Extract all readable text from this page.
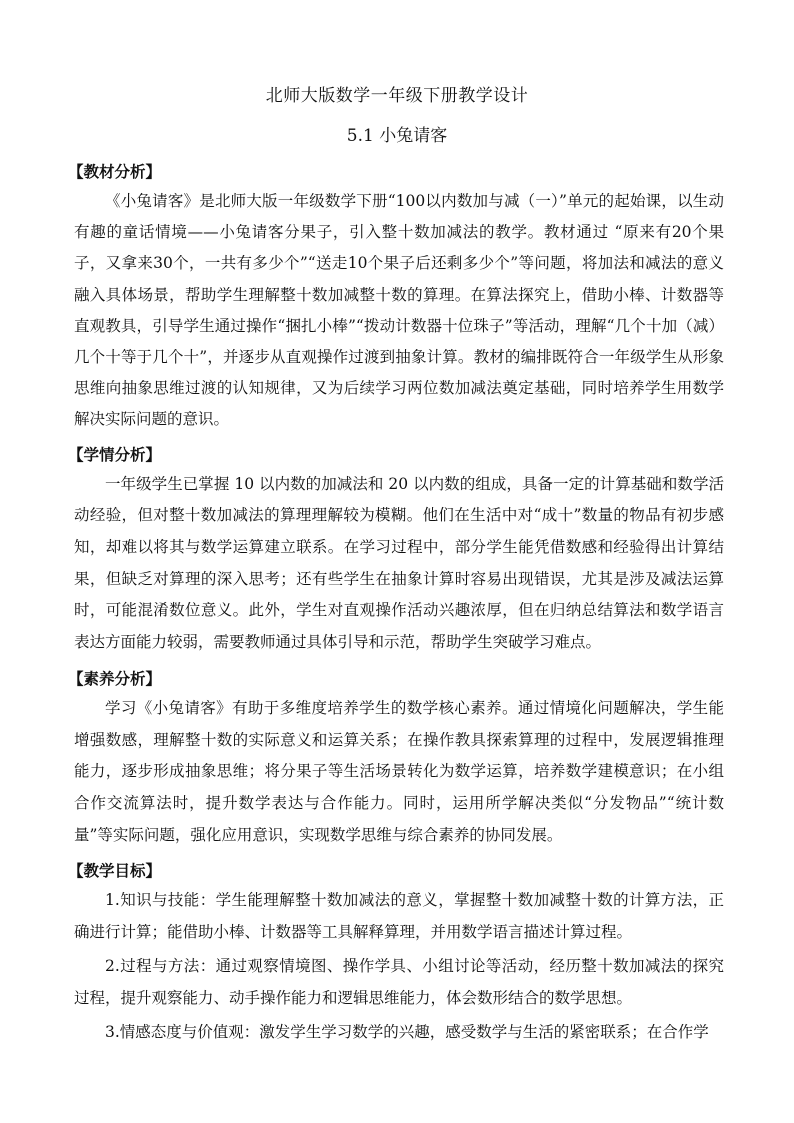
北师大版数学一年级下册教学设计
5.1 小兔请客
【教材分析】

《小兔请客》是北师大版一年级数学下册“100以内数加与减（一）”单元的起始课，以生动有趣的童话情境——小兔请客分果子，引入整十数加减法的教学。教材通过 “原来有20个果子，又拿来30个，一共有多少个”“送走10个果子后还剩多少个”等问题，将加法和减法的意义融入具体场景，帮助学生理解整十数加减整十数的算理。在算法探究上，借助小棒、计数器等直观教具，引导学生通过操作“捆扎小棒”“拨动计数器十位珠子”等活动，理解“几个十加（减）几个十等于几个十”，并逐步从直观操作过渡到抽象计算。教材的编排既符合一年级学生从形象思维向抽象思维过渡的认知规律，又为后续学习两位数加减法奠定基础，同时培养学生用数学解决实际问题的意识。

【学情分析】

一年级学生已掌握 10 以内数的加减法和 20 以内数的组成，具备一定的计算基础和数学活动经验，但对整十数加减法的算理理解较为模糊。他们在生活中对“成十”数量的物品有初步感知，却难以将其与数学运算建立联系。在学习过程中，部分学生能凭借数感和经验得出计算结果，但缺乏对算理的深入思考；还有些学生在抽象计算时容易出现错误，尤其是涉及减法运算时，可能混淆数位意义。此外，学生对直观操作活动兴趣浓厚，但在归纳总结算法和数学语言表达方面能力较弱，需要教师通过具体引导和示范，帮助学生突破学习难点。

【素养分析】

学习《小兔请客》有助于多维度培养学生的数学核心素养。通过情境化问题解决，学生能增强数感，理解整十数的实际意义和运算关系；在操作教具探索算理的过程中，发展逻辑推理能力，逐步形成抽象思维；将分果子等生活场景转化为数学运算，培养数学建模意识；在小组合作交流算法时，提升数学表达与合作能力。同时，运用所学解决类似“分发物品”“统计数量”等实际问题，强化应用意识，实现数学思维与综合素养的协同发展。

【教学目标】

1.知识与技能：学生能理解整十数加减法的意义，掌握整十数加减整十数的计算方法，正确进行计算；能借助小棒、计数器等工具解释算理，并用数学语言描述计算过程。

2.过程与方法：通过观察情境图、操作学具、小组讨论等活动，经历整十数加减法的探究过程，提升观察能力、动手操作能力和逻辑思维能力，体会数形结合的数学思想。

3.情感态度与价值观：激发学生学习数学的兴趣，感受数学与生活的紧密联系；在合作学
